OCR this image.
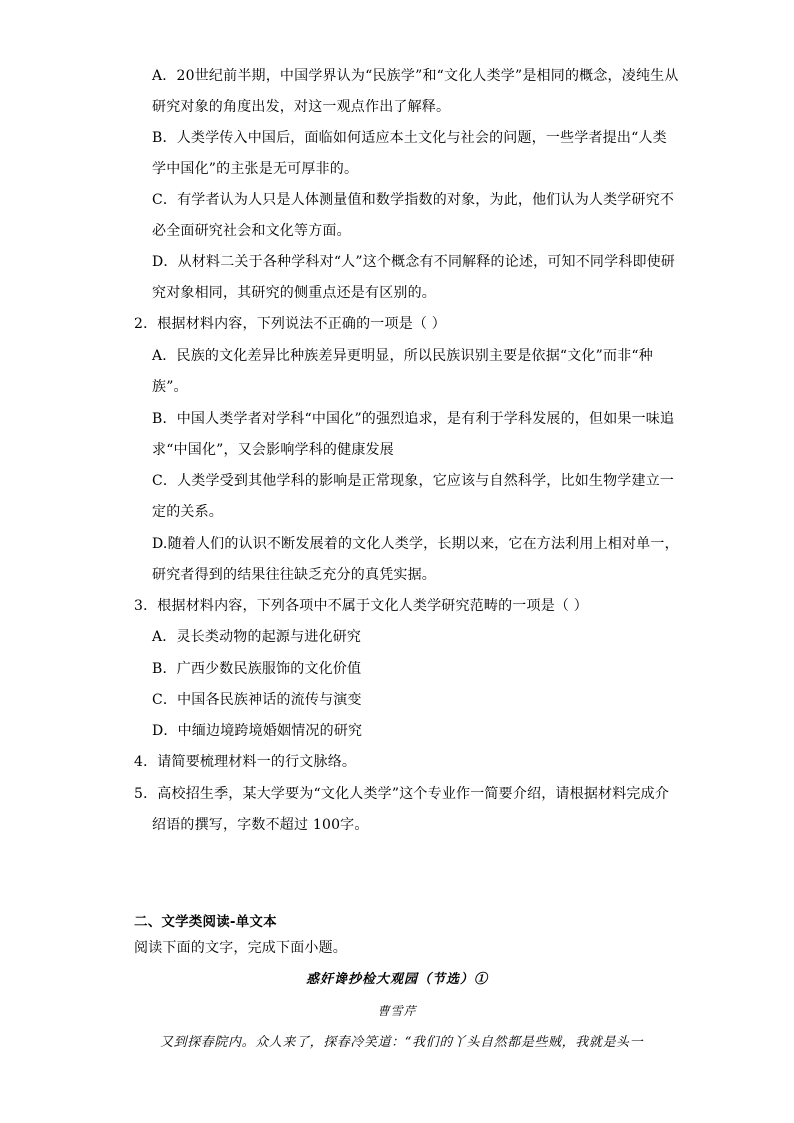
A．20世纪前半期，中国学界认为“民族学”和“文化人类学”是相同的概念，凌纯生从
研究对象的角度出发，对这一观点作出了解释。
B．人类学传入中国后，面临如何适应本土文化与社会的问题，一些学者提出“人类
学中国化”的主张是无可厚非的。
C．有学者认为人只是人体测量值和数学指数的对象，为此，他们认为人类学研究不
必全面研究社会和文化等方面。
D．从材料二关于各种学科对“人”这个概念有不同解释的论述，可知不同学科即使研
究对象相同，其研究的侧重点还是有区别的。
2．根据材料内容，下列说法不正确的一项是（ ）
A．民族的文化差异比种族差异更明显，所以民族识别主要是依据“文化”而非“种
族”。
B．中国人类学者对学科“中国化”的强烈追求，是有利于学科发展的，但如果一味追
求“中国化”，又会影响学科的健康发展
C．人类学受到其他学科的影响是正常现象，它应该与自然科学，比如生物学建立一
定的关系。
D.随着人们的认识不断发展着的文化人类学，长期以来，它在方法利用上相对单一，
研究者得到的结果往往缺乏充分的真凭实据。
3．根据材料内容，下列各项中不属于文化人类学研究范畴的一项是（ ）
A．灵长类动物的起源与进化研究
B．广西少数民族服饰的文化价值
C．中国各民族神话的流传与演变
D．中缅边境跨境婚姻情况的研究
4．请简要梳理材料一的行文脉络。
5．高校招生季，某大学要为“文化人类学”这个专业作一简要介绍，请根据材料完成介
绍语的撰写，字数不超过 100字。
二、文学类阅读-单文本
阅读下面的文字，完成下面小题。
惑奸谗抄检大观园（节选）①
曹雪芹
又到探春院内。众人来了，探春冷笑道：“我们的丫头自然都是些贼，我就是头一
